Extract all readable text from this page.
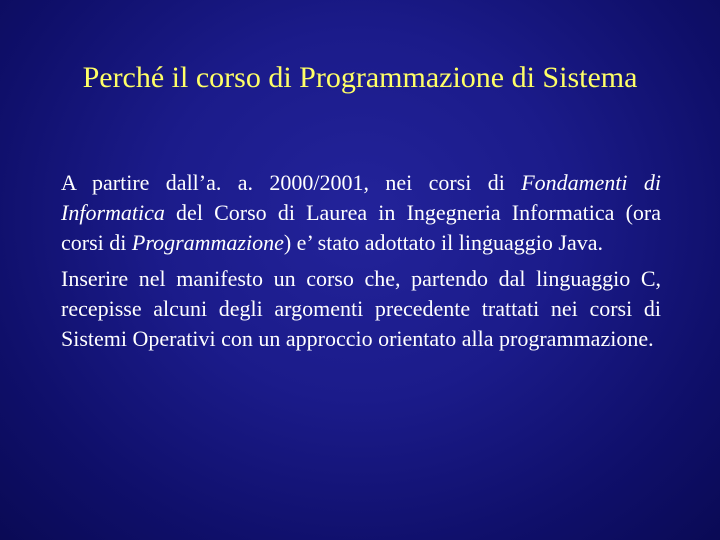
Perché il corso di Programmazione di Sistema

A partire dall’a. a. 2000/2001, nei corsi di Fondamenti di Informatica del Corso di Laurea in Ingegneria Informatica (ora corsi di Programmazione) e’ stato adottato il linguaggio Java.

Inserire nel manifesto un corso che, partendo dal linguaggio C, recepisse alcuni degli argomenti precedente trattati nei corsi di Sistemi Operativi con un approccio orientato alla programmazione.
